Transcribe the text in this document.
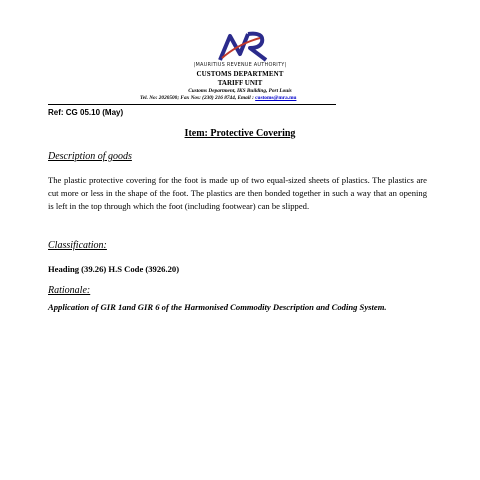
|MAURITIUS REVENUE AUTHORITY|
CUSTOMS DEPARTMENT
TARIFF UNIT
Customs Department, IKS Building, Port Louis
Tel. No: 2020500; Fax Nos: (230) 216 8744, Email : customs@mra.mu
Ref: CG 05.10 (May)
Item: Protective Covering
Description of goods

The plastic protective covering for the foot is made up of two equal-sized sheets of plastics. The plastics are cut more or less in the shape of the foot. The plastics are then bonded together in such a way that an opening is left in the top through which the foot (including footwear) can be slipped.

Classification:
Heading (39.26) H.S Code (3926.20)
Rationale:

Application of GIR 1and GIR 6 of the Harmonised Commodity Description and Coding System.
